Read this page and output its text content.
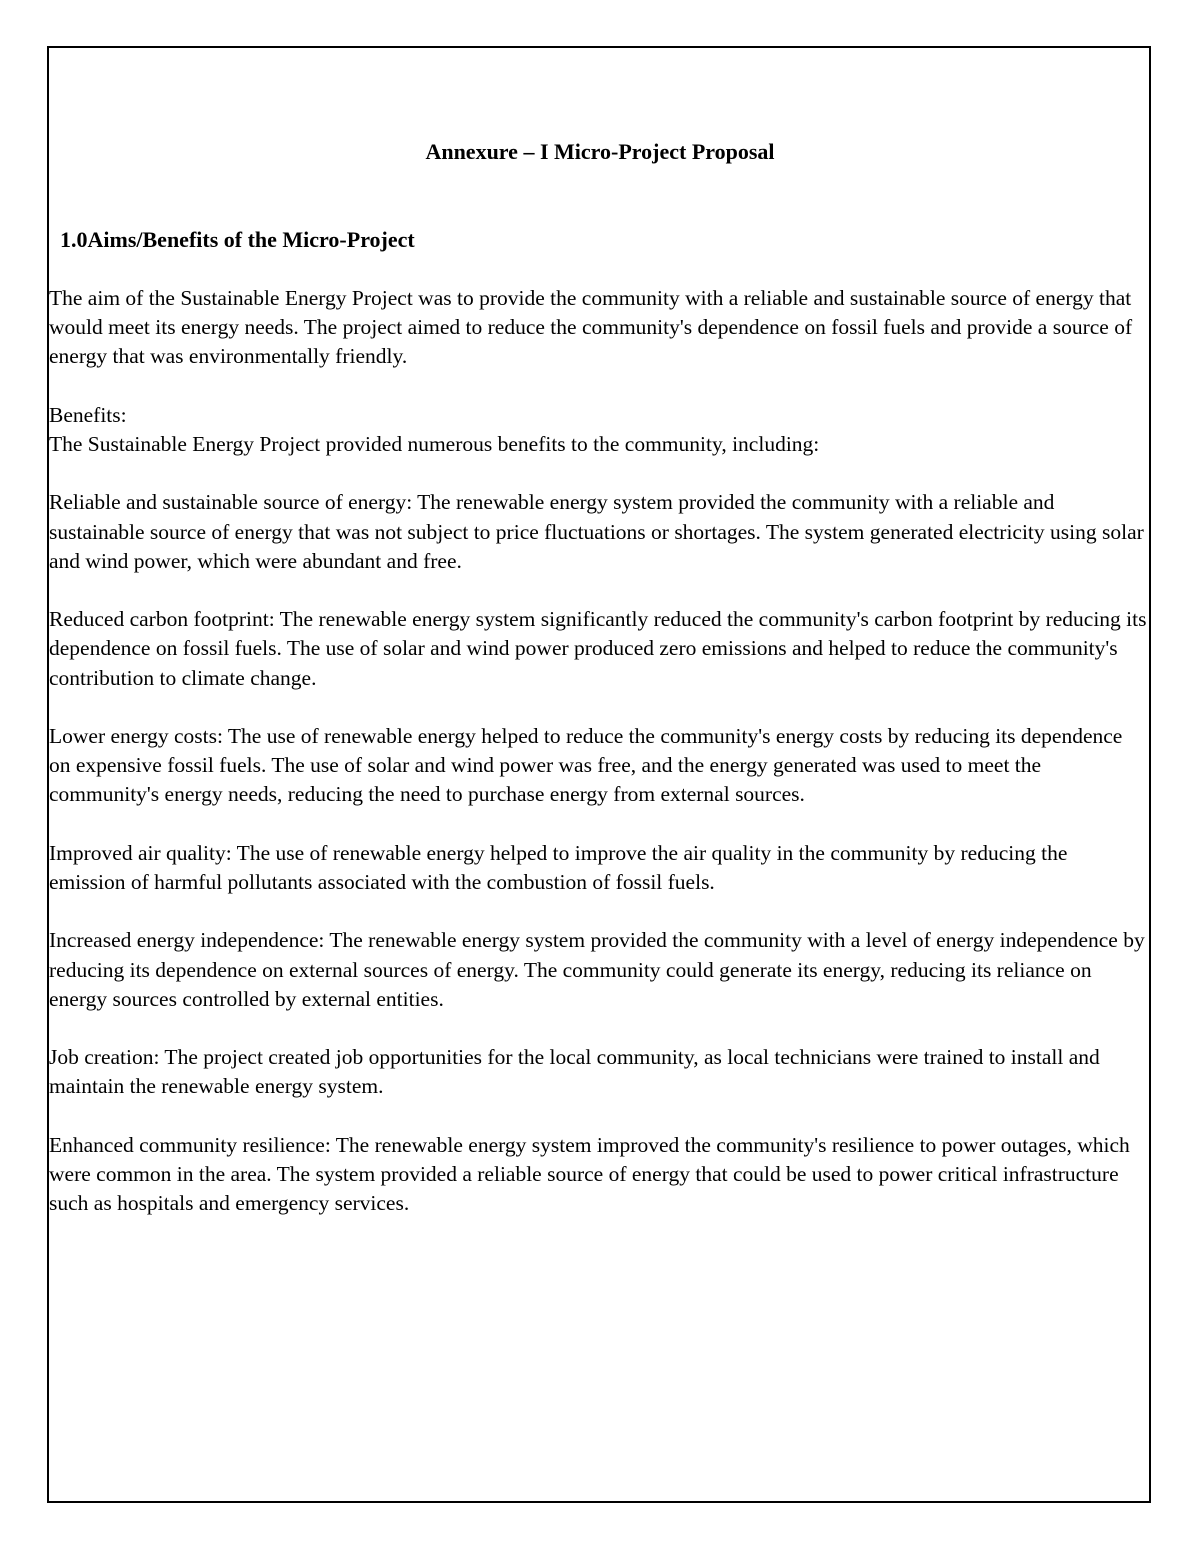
Annexure – I Micro-Project Proposal
1.0Aims/Benefits of the Micro-Project

The aim of the Sustainable Energy Project was to provide the community with a reliable and sustainable source of energy that would meet its energy needs. The project aimed to reduce the community's dependence on fossil fuels and provide a source of energy that was environmentally friendly.

Benefits:

The Sustainable Energy Project provided numerous benefits to the community, including:

Reliable and sustainable source of energy: The renewable energy system provided the community with a reliable and sustainable source of energy that was not subject to price fluctuations or shortages. The system generated electricity using solar and wind power, which were abundant and free.

Reduced carbon footprint: The renewable energy system significantly reduced the community's carbon footprint by reducing its dependence on fossil fuels. The use of solar and wind power produced zero emissions and helped to reduce the community's contribution to climate change.

Lower energy costs: The use of renewable energy helped to reduce the community's energy costs by reducing its dependence on expensive fossil fuels. The use of solar and wind power was free, and the energy generated was used to meet the community's energy needs, reducing the need to purchase energy from external sources.

Improved air quality: The use of renewable energy helped to improve the air quality in the community by reducing the emission of harmful pollutants associated with the combustion of fossil fuels.

Increased energy independence: The renewable energy system provided the community with a level of energy independence by reducing its dependence on external sources of energy. The community could generate its energy, reducing its reliance on energy sources controlled by external entities.

Job creation: The project created job opportunities for the local community, as local technicians were trained to install and maintain the renewable energy system.

Enhanced community resilience: The renewable energy system improved the community's resilience to power outages, which were common in the area. The system provided a reliable source of energy that could be used to power critical infrastructure such as hospitals and emergency services.
